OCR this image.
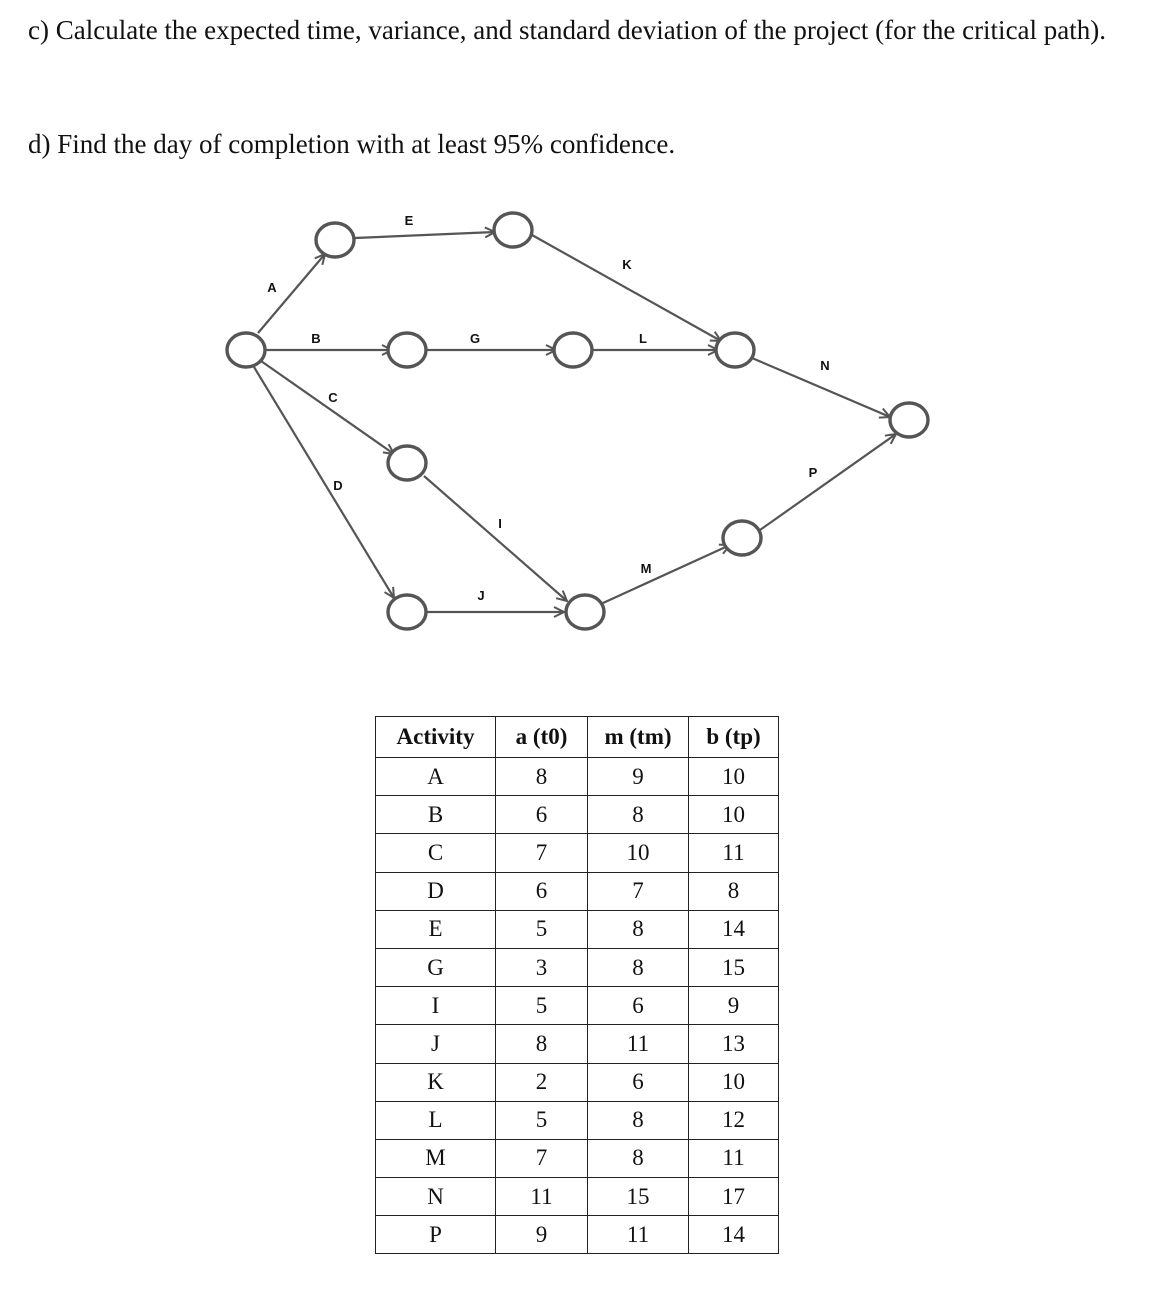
c) Calculate the expected time, variance, and standard deviation of the project (for the critical path).
d) Find the day of completion with at least 95% confidence.
A
B
C
D
E
G
I
J
K
L
M
N
P
Activity	a (t0)	m (tm)	b (tp)
A	8	9	10
B	6	8	10
C	7	10	11
D	6	7	8
E	5	8	14
G	3	8	15
I	5	6	9
J	8	11	13
K	2	6	10
L	5	8	12
M	7	8	11
N	11	15	17
P	9	11	14
